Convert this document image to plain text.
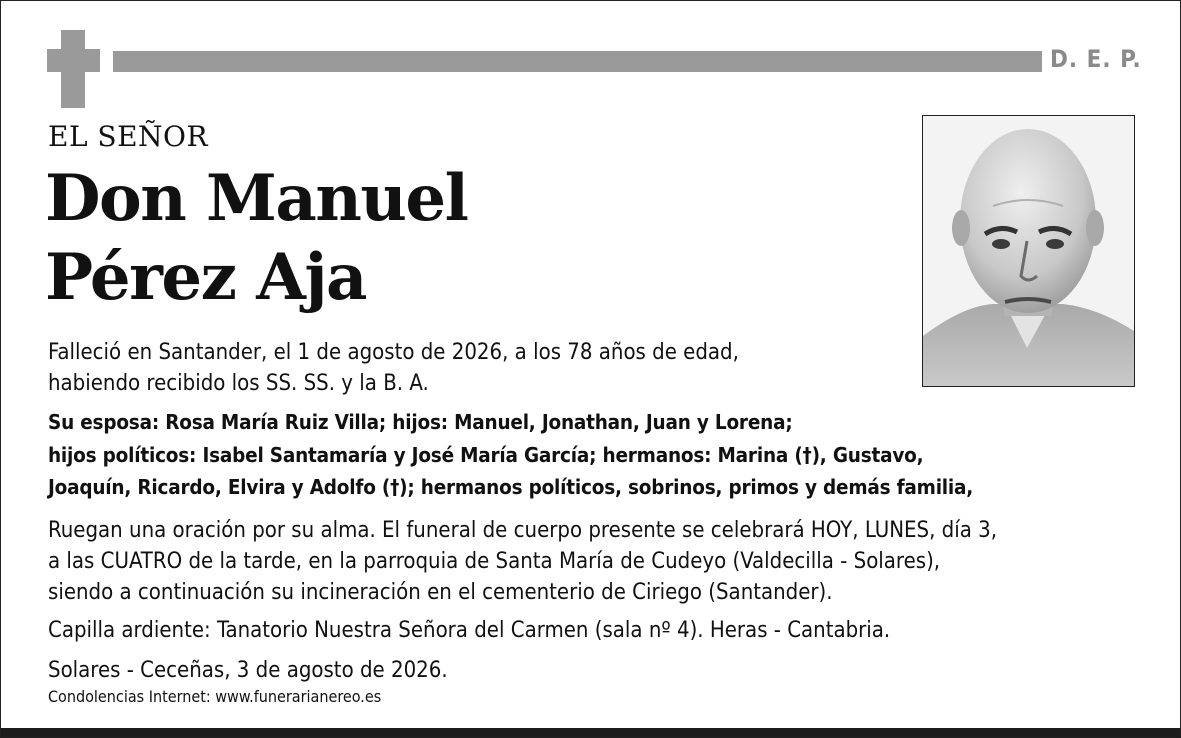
D. E. P.
EL SEÑOR
Don Manuel
Pérez Aja
Falleció en Santander, el 1 de agosto de 2026, a los 78 años de edad,
habiendo recibido los SS. SS. y la B. A.
Su esposa: Rosa María Ruiz Villa; hijos: Manuel, Jonathan, Juan y Lorena;
hijos políticos: Isabel Santamaría y José María García; hermanos: Marina (†), Gustavo,
Joaquín, Ricardo, Elvira y Adolfo (†); hermanos políticos, sobrinos, primos y demás familia,
Ruegan una oración por su alma. El funeral de cuerpo presente se celebrará HOY, LUNES, día 3,
a las CUATRO de la tarde, en la parroquia de Santa María de Cudeyo (Valdecilla - Solares),
siendo a continuación su incineración en el cementerio de Ciriego (Santander).
Capilla ardiente: Tanatorio Nuestra Señora del Carmen (sala nº 4). Heras - Cantabria.
Solares - Ceceñas, 3 de agosto de 2026.
Condolencias Internet: www.funerarianereo.es
